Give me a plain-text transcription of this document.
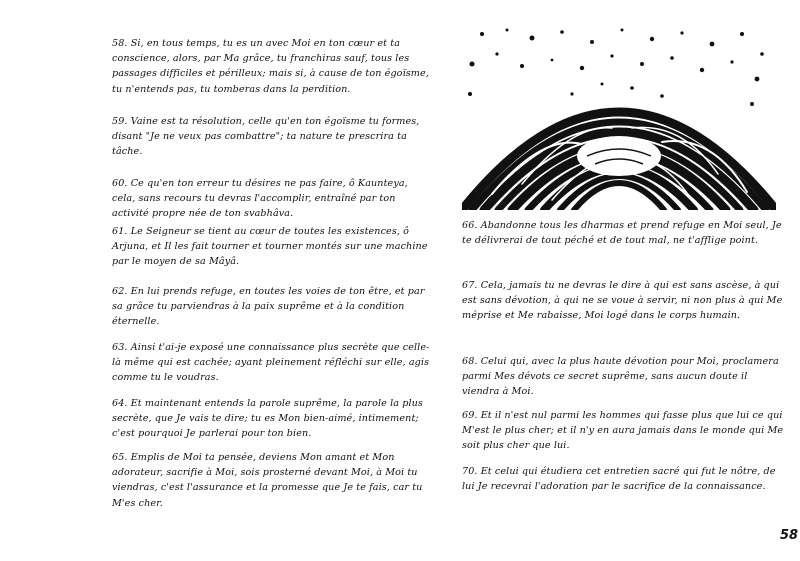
58. Si, en tous temps, tu es un avec Moi en ton cœur et ta conscience, alors, par Ma grâce, tu franchiras sauf, tous les passages difficiles et périlleux; mais si, à cause de ton égoïsme, tu n'entends pas, tu tomberas dans la perdition.
59. Vaine est ta résolution, celle qu'en ton égoïsme tu formes, disant "Je ne veux pas combattre"; ta nature te prescrira ta tâche.
60. Ce qu'en ton erreur tu désires ne pas faire, ô Kaunteya, cela, sans recours tu devras l'accomplir, entraîné par ton activité propre née de ton svabhâva.
61. Le Seigneur se tient au cœur de toutes les existences, ô Arjuna, et Il les fait tourner et tourner montés sur une machine par le moyen de sa Mâyâ.
62. En lui prends refuge, en toutes les voies de ton être, et par sa grâce tu parviendras à la paix suprême et à la condition éternelle.
63. Ainsi t'ai-je exposé une connaissance plus secrète que celle-là même qui est cachée; ayant pleinement réfléchi sur elle, agis comme tu le voudras.
64. Et maintenant entends la parole suprême, la parole la plus secrète, que Je vais te dire; tu es Mon bien-aimé, intimement; c'est pourquoi Je parlerai pour ton bien.
65. Emplis de Moi ta pensée, deviens Mon amant et Mon adorateur, sacrifie à Moi, sois prosterné devant Moi, à Moi tu viendras, c'est l'assurance et la promesse que Je te fais, car tu M'es cher.
66. Abandonne tous les dharmas et prend refuge en Moi seul, Je te délivrerai de tout péché et de tout mal, ne t'afflige point.
67. Cela, jamais tu ne devras le dire à qui est sans ascèse, à qui est sans dévotion, à qui ne se voue à servir, ni non plus à qui Me méprise et Me rabaisse, Moi logé dans le corps humain.
68. Celui qui, avec la plus haute dévotion pour Moi, proclamera parmi Mes dévots ce secret suprême, sans aucun doute il viendra à Moi.
69. Et il n'est nul parmi les hommes qui fasse plus que lui ce qui M'est le plus cher; et il n'y en aura jamais dans le monde qui Me soit plus cher que lui.
70. Et celui qui étudiera cet entretien sacré qui fut le nôtre, de lui Je recevrai l'adoration par le sacrifice de la connaissance.
58
